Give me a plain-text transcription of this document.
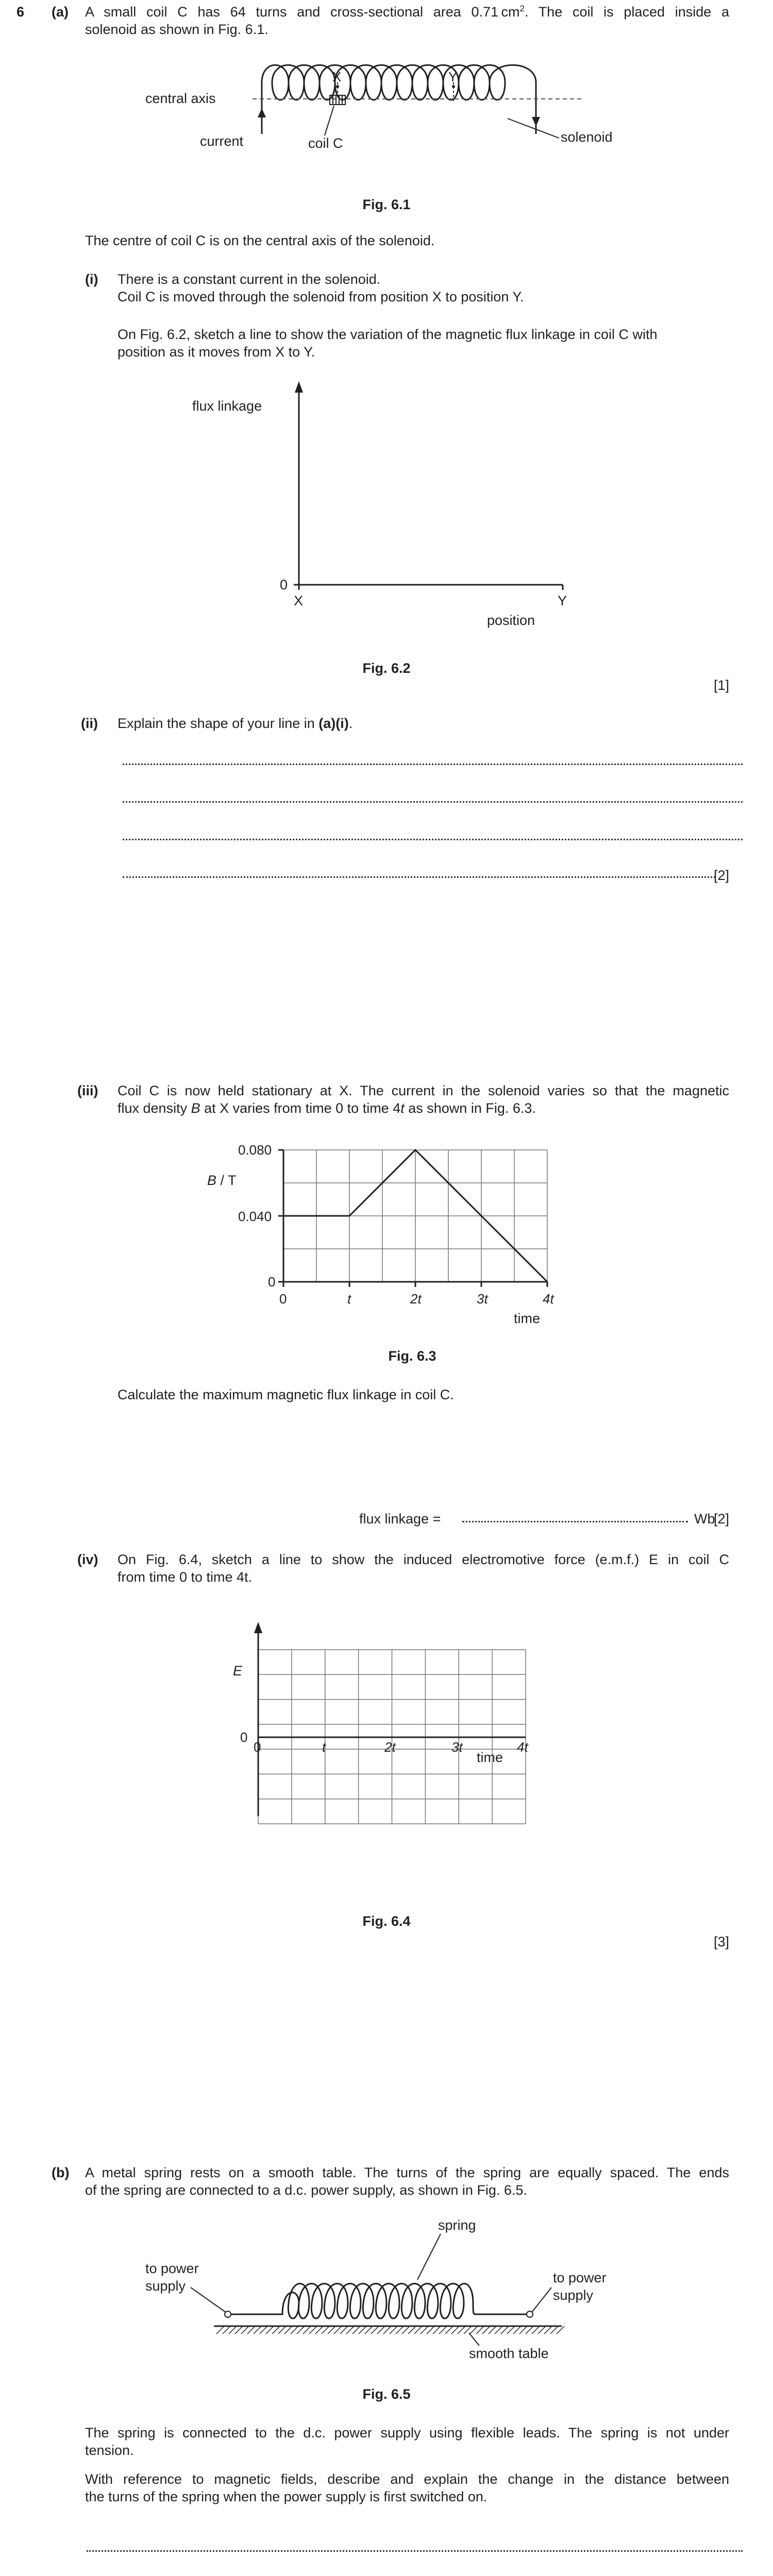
6 (a) A small coil C has 64 turns and cross-sectional area 0.71 $cm^2$. The coil is placed inside a
solenoid as shown in Fig. 6.1.
X	Y
central axis
current	coil C	solenoid
Fig. 6.1
The centre of coil C is on the central axis of the solenoid.
(i) There is a constant current in the solenoid.
Coil C is moved through the solenoid from position X to position Y.
On Fig. 6.2, sketch a line to show the variation of the magnetic flux linkage in coil C with
position as it moves from X to Y.
flux linkage
0
X	Y
position
Fig. 6.2
[1]
(ii) Explain the shape of your line in (a)(i).
[2]
(iii) Coil C is now held stationary at X. The current in the solenoid varies so that the magnetic
flux density B at X varies from time 0 to time 4t as shown in Fig. 6.3.
0
0.040
0.080
B / T
0	t	2t	3t	4t
time
Fig. 6.3
Calculate the maximum magnetic flux linkage in coil C.
flux linkage =	Wb
[2]
(iv) On Fig. 6.4, sketch a line to show the induced electromotive force (e.m.f.) E in coil C
from time 0 to time 4t.
E
0
0	t	2t	3t	4t
time
Fig. 6.4
[3]
(b) A metal spring rests on a smooth table. The turns of the spring are equally spaced. The ends
of the spring are connected to a d.c. power supply, as shown in Fig. 6.5.
spring
to power
supply
to power
supply
smooth table
Fig. 6.5
The spring is connected to the d.c. power supply using flexible leads. The spring is not under
tension.
With reference to magnetic fields, describe and explain the change in the distance between
the turns of the spring when the power supply is first switched on.
